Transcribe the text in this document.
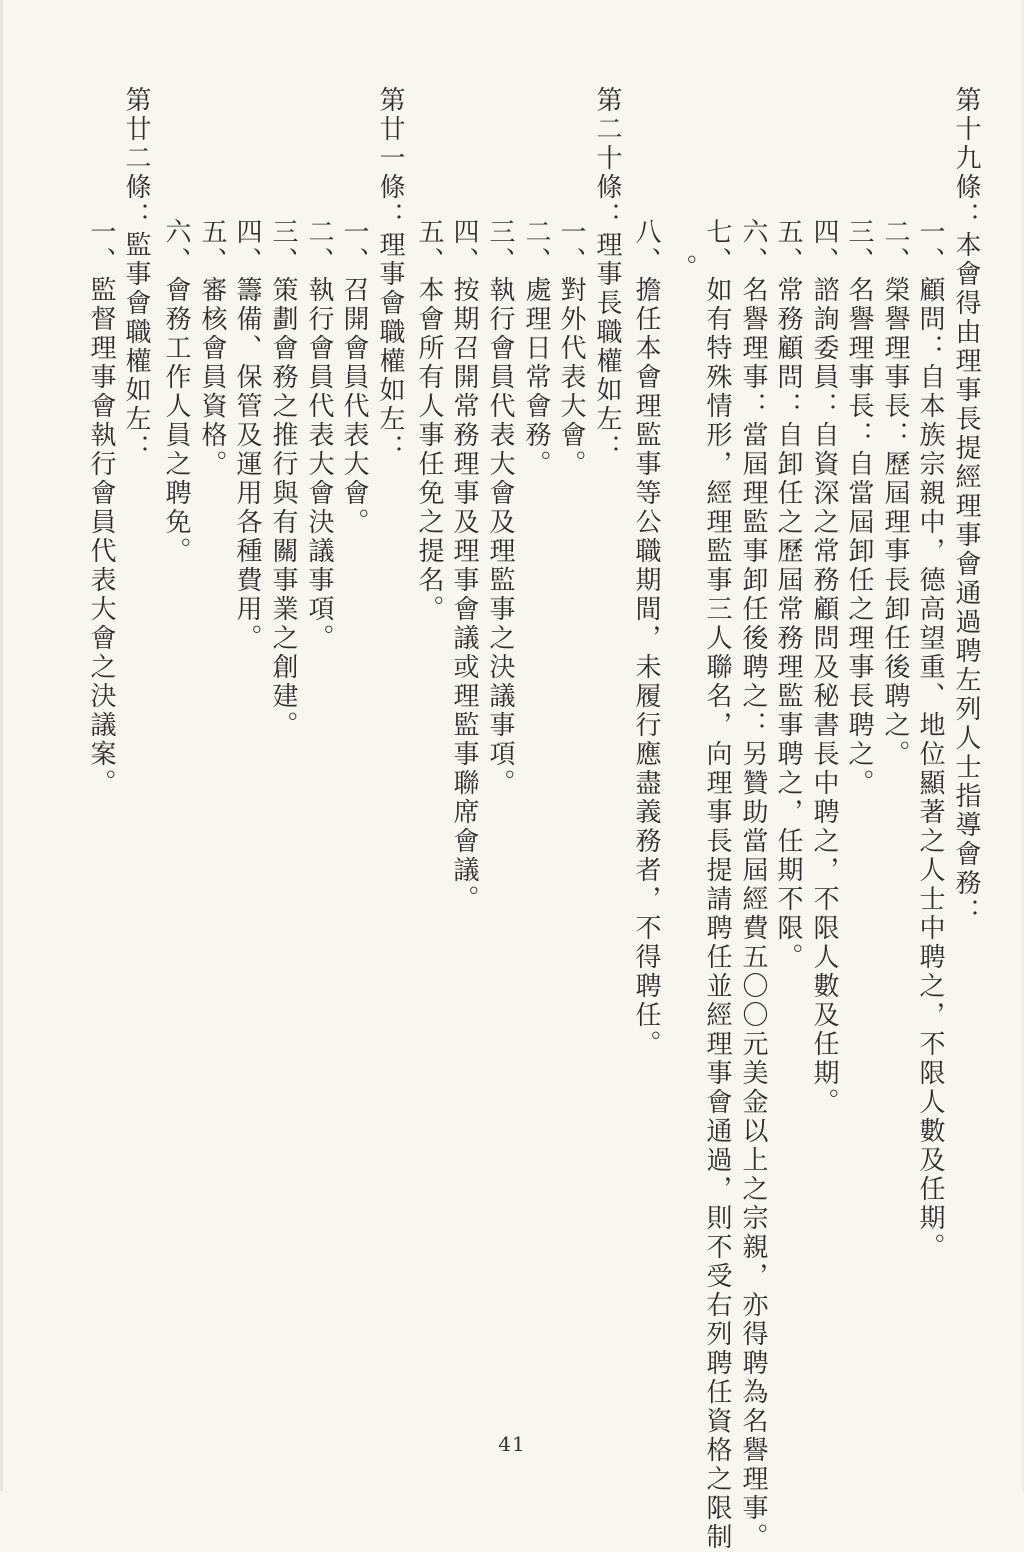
第十九條：本會得由理事長提經理事會通過聘左列人士指導會務：
一、顧問：自本族宗親中，德高望重、地位顯著之人士中聘之，不限人數及任期。
二、榮譽理事長：歷屆理事長卸任後聘之。
三、名譽理事長：自當屆卸任之理事長聘之。
四、諮詢委員：自資深之常務顧問及秘書長中聘之，不限人數及任期。
五、常務顧問：自卸任之歷屆常務理監事聘之，任期不限。
六、名譽理事：當屆理監事卸任後聘之：另贊助當屆經費五〇〇元美金以上之宗親，亦得聘為名譽理事。
七、如有特殊情形，經理監事三人聯名，向理事長提請聘任並經理事會通過，則不受右列聘任資格之限制
。
八、擔任本會理監事等公職期間，未履行應盡義務者，不得聘任。
第二十條：理事長職權如左：
一、對外代表大會。
二、處理日常會務。
三、執行會員代表大會及理監事之決議事項。
四、按期召開常務理事及理事會議或理監事聯席會議。
五、本會所有人事任免之提名。
第廿一條：理事會職權如左：
一、召開會員代表大會。
二、執行會員代表大會決議事項。
三、策劃會務之推行與有關事業之創建。
四、籌備、保管及運用各種費用。
五、審核會員資格。
六、會務工作人員之聘免。
第廿二條：監事會職權如左：
一、監督理事會執行會員代表大會之決議案。
41
